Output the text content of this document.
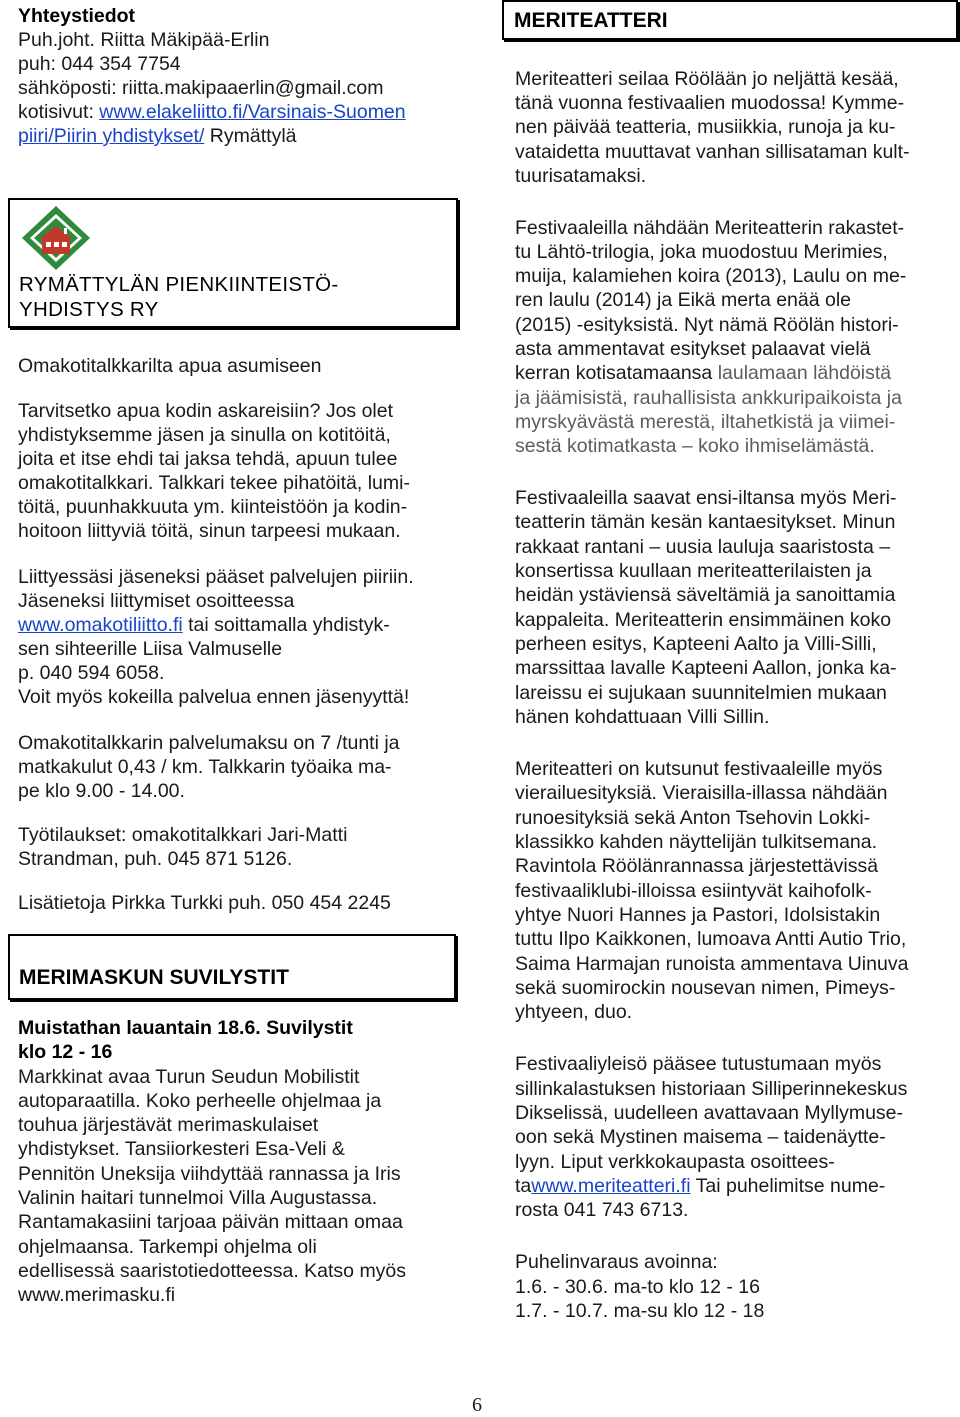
Yhteystiedot
Puh.joht. Riitta Mäkipää-Erlin
puh: 044 354 7754
sähköposti: riitta.makipaaerlin@gmail.com
kotisivut: www.elakeliitto.fi/Varsinais-Suomen
piiri/Piirin yhdistykset/ Rymättylä
RYMÄTTYLÄN PIENKIINTEISTÖ-
YHDISTYS RY
Omakotitalkkarilta apua asumiseen
Tarvitsetko apua kodin askareisiin? Jos olet
yhdistyksemme jäsen ja sinulla on kotitöitä,
joita et itse ehdi tai jaksa tehdä, apuun tulee
omakotitalkkari. Talkkari tekee pihatöitä, lumi-
töitä, puunhakkuuta ym. kiinteistöön ja kodin-
hoitoon liittyviä töitä, sinun tarpeesi mukaan.
Liittyessäsi jäseneksi pääset palvelujen piiriin.
Jäseneksi liittymiset osoitteessa
www.omakotiliitto.fi tai soittamalla yhdistyk-
sen sihteerille Liisa Valmuselle
p. 040 594 6058.
Voit myös kokeilla palvelua ennen jäsenyyttä!
Omakotitalkkarin palvelumaksu on 7 /tunti ja
matkakulut 0,43 / km. Talkkarin työaika ma-
pe klo 9.00 - 14.00.
Työtilaukset: omakotitalkkari Jari-Matti
Strandman, puh. 045 871 5126.
Lisätietoja Pirkka Turkki puh. 050 454 2245
MERIMASKUN SUVILYSTIT
Muistathan lauantain 18.6. Suvilystit
klo 12 - 16
Markkinat avaa Turun Seudun Mobilistit
autoparaatilla. Koko perheelle ohjelmaa ja
touhua järjestävät merimaskulaiset
yhdistykset. Tansiiorkesteri Esa-Veli &
Pennitön Uneksija viihdyttää rannassa ja Iris
Valinin haitari tunnelmoi Villa Augustassa.
Rantamakasiini tarjoaa päivän mittaan omaa
ohjelmaansa. Tarkempi ohjelma oli
edellisessä saaristotiedotteessa. Katso myös
www.merimasku.fi
MERITEATTERI
Meriteatteri seilaa Röölään jo neljättä kesää,
tänä vuonna festivaalien muodossa! Kymme-
nen päivää teatteria, musiikkia, runoja ja ku-
vataidetta muuttavat vanhan sillisataman kult-
tuurisatamaksi.
Festivaaleilla nähdään Meriteatterin rakastet-
tu Lähtö-trilogia, joka muodostuu Merimies,
muija, kalamiehen koira (2013), Laulu on me-
ren laulu (2014) ja Eikä merta enää ole
(2015) -esityksistä. Nyt nämä Röölän histori-
asta ammentavat esitykset palaavat vielä
kerran kotisatamaansa laulamaan lähdöistä
ja jäämisistä, rauhallisista ankkuripaikoista ja
myrskyävästä merestä, iltahetkistä ja viimei-
sestä kotimatkasta – koko ihmiselämästä.
Festivaaleilla saavat ensi-iltansa myös Meri-
teatterin tämän kesän kantaesitykset. Minun
rakkaat rantani – uusia lauluja saaristosta –
konsertissa kuullaan meriteatterilaisten ja
heidän ystäviensä säveltämiä ja sanoittamia
kappaleita. Meriteatterin ensimmäinen koko
perheen esitys, Kapteeni Aalto ja Villi-Silli,
marssittaa lavalle Kapteeni Aallon, jonka ka-
lareissu ei sujukaan suunnitelmien mukaan
hänen kohdattuaan Villi Sillin.
Meriteatteri on kutsunut festivaaleille myös
vierailuesityksiä. Vieraisilla-illassa nähdään
runoesityksiä sekä Anton Tsehovin Lokki-
klassikko kahden näyttelijän tulkitsemana.
Ravintola Röölänrannassa järjestettävissä
festivaaliklubi-illoissa esiintyvät kaihofolk-
yhtye Nuori Hannes ja Pastori, Idolsistakin
tuttu Ilpo Kaikkonen, lumoava Antti Autio Trio,
Saima Harmajan runoista ammentava Uinuva
sekä suomirockin nousevan nimen, Pimeys-
yhtyeen, duo.
Festivaaliyleisö pääsee tutustumaan myös
sillinkalastuksen historiaan Silliperinnekeskus
Dikselissä, uudelleen avattavaan Myllymuse-
oon sekä Mystinen maisema – taidenäytte-
lyyn. Liput verkkokaupasta osoittees-
tawww.meriteatteri.fi Tai puhelimitse nume-
rosta 041 743 6713.
Puhelinvaraus avoinna:
1.6. - 30.6. ma-to klo 12 - 16
1.7. - 10.7. ma-su klo 12 - 18
6
